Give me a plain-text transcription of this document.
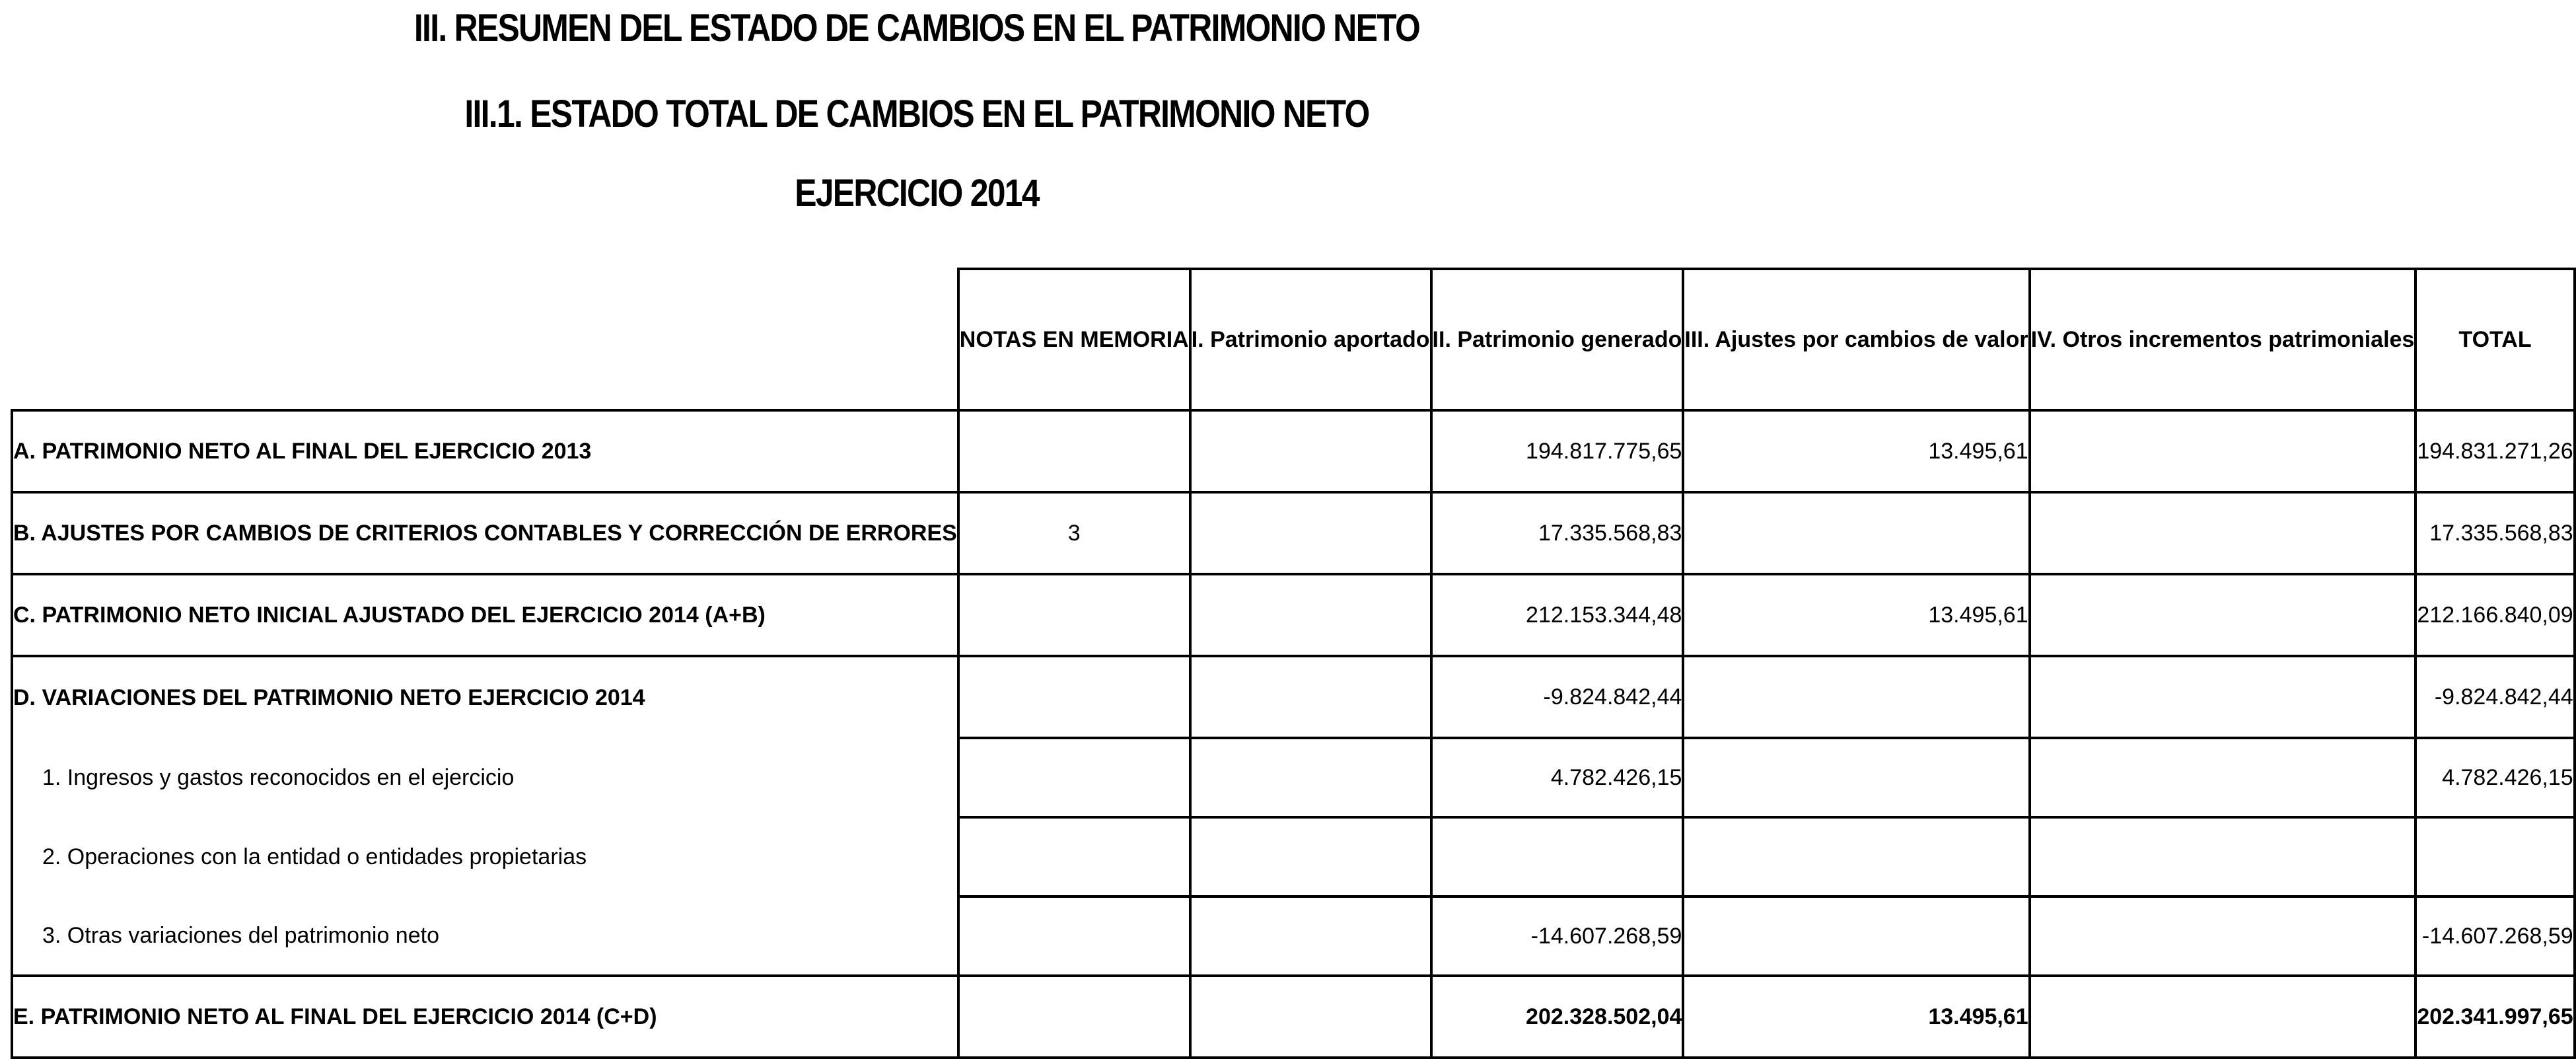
III. RESUMEN DEL ESTADO DE CAMBIOS EN EL PATRIMONIO NETO
III.1. ESTADO TOTAL DE CAMBIOS EN EL PATRIMONIO NETO
EJERCICIO 2014
	NOTAS EN MEMORIA	I. Patrimonio aportado	II. Patrimonio generado	III. Ajustes por cambios de valor	IV. Otros incrementos patrimoniales	TOTAL
A. PATRIMONIO NETO AL FINAL DEL EJERCICIO 2013			194.817.775,65	13.495,61		194.831.271,26
B. AJUSTES POR CAMBIOS DE CRITERIOS CONTABLES Y CORRECCIÓN DE ERRORES	3		17.335.568,83			17.335.568,83
C. PATRIMONIO NETO INICIAL AJUSTADO DEL EJERCICIO 2014 (A+B)			212.153.344,48	13.495,61		212.166.840,09
D. VARIACIONES DEL PATRIMONIO NETO EJERCICIO 2014			-9.824.842,44			-9.824.842,44
1. Ingresos y gastos reconocidos en el ejercicio			4.782.426,15			4.782.426,15
2. Operaciones con la entidad o entidades propietarias						
3. Otras variaciones del patrimonio neto			-14.607.268,59			-14.607.268,59
E. PATRIMONIO NETO AL FINAL DEL EJERCICIO 2014 (C+D)			202.328.502,04	13.495,61		202.341.997,65
